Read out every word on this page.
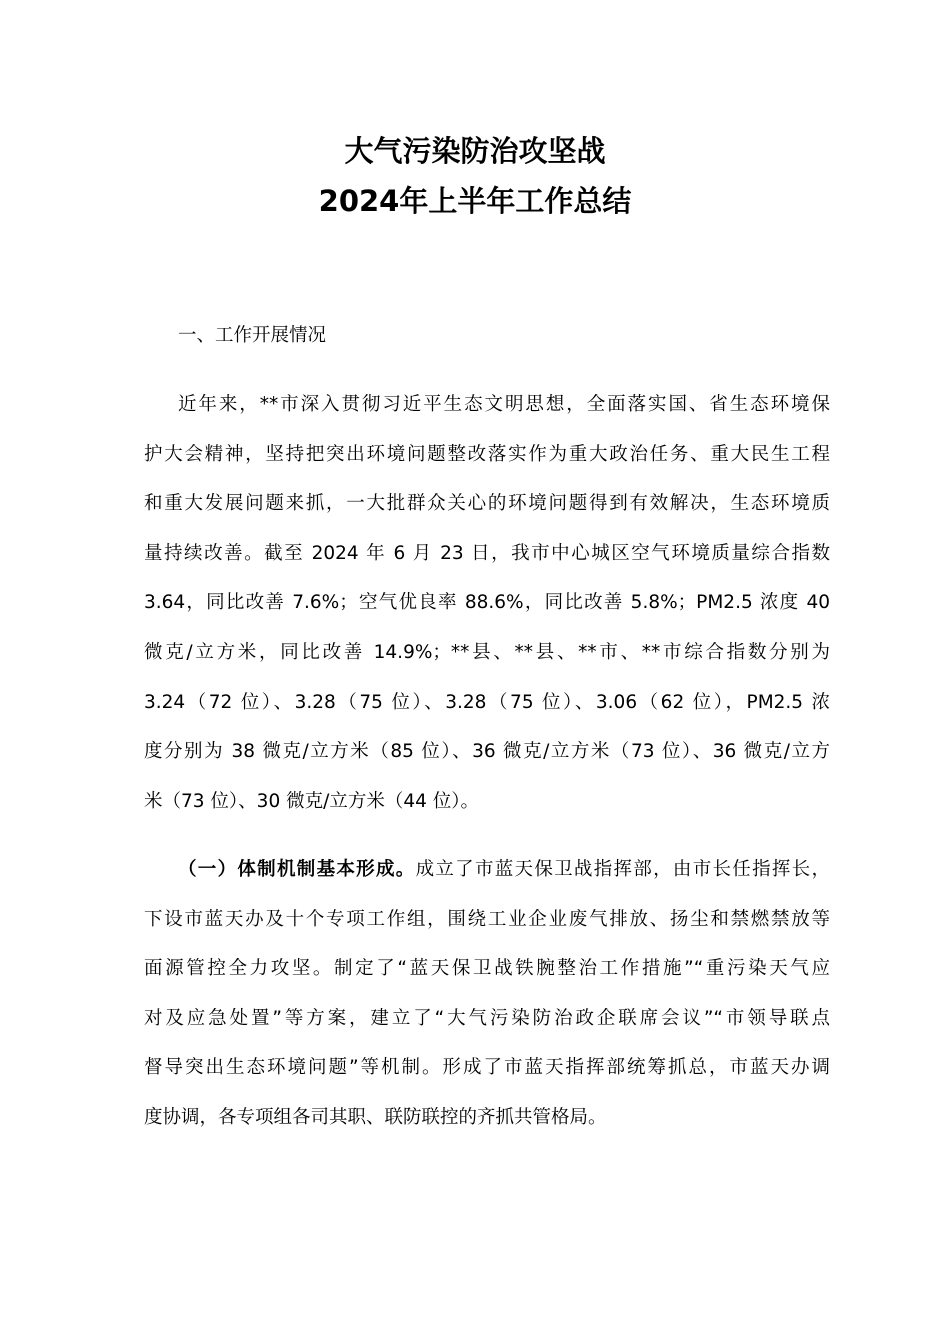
大气污染防治攻坚战
2024年上半年工作总结

一、工作开展情况

近年来，**市深入贯彻习近平生态文明思想，全面落实国、省生态环境保
护大会精神，坚持把突出环境问题整改落实作为重大政治任务、重大民生工程
和重大发展问题来抓，一大批群众关心的环境问题得到有效解决，生态环境质
量持续改善。截至 2024 年 6 月 23 日，我市中心城区空气环境质量综合指数
3.64，同比改善 7.6%；空气优良率 88.6%，同比改善 5.8%；PM2.5 浓度 40
微克/立方米，同比改善 14.9%；**县、**县、**市、**市综合指数分别为
3.24（72 位）、3.28（75 位）、3.28（75 位）、3.06（62 位），PM2.5 浓
度分别为 38 微克/立方米（85 位）、36 微克/立方米（73 位）、36 微克/立方
米（73 位）、30 微克/立方米（44 位）。
（一）体制机制基本形成。成立了市蓝天保卫战指挥部，由市长任指挥长，
下设市蓝天办及十个专项工作组，围绕工业企业废气排放、扬尘和禁燃禁放等
面源管控全力攻坚。制定了“蓝天保卫战铁腕整治工作措施”“重污染天气应
对及应急处置”等方案，建立了“大气污染防治政企联席会议”“市领导联点
督导突出生态环境问题”等机制。形成了市蓝天指挥部统筹抓总，市蓝天办调
度协调，各专项组各司其职、联防联控的齐抓共管格局。
